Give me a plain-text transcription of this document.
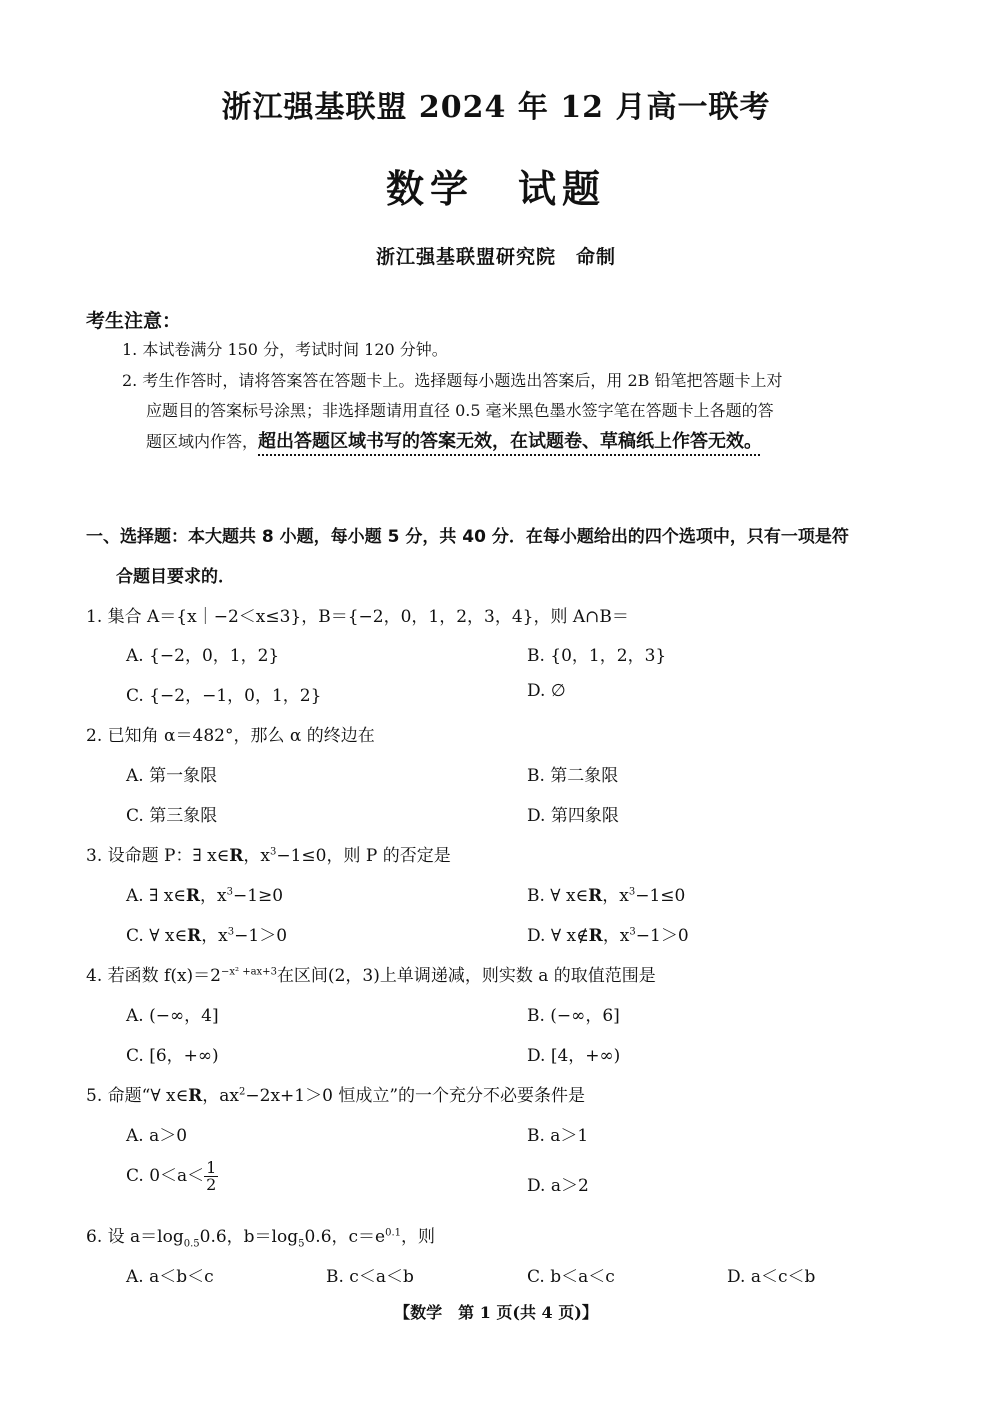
浙江强基联盟 2024 年 12 月高一联考
数学　试题
浙江强基联盟研究院　命制
考生注意：
1. 本试卷满分 150 分，考试时间 120 分钟。
2. 考生作答时，请将答案答在答题卡上。选择题每小题选出答案后，用 2B 铅笔把答题卡上对
应题目的答案标号涂黑；非选择题请用直径 0.5 毫米黑色墨水签字笔在答题卡上各题的答
题区域内作答，超出答题区域书写的答案无效，在试题卷、草稿纸上作答无效。
一、选择题：本大题共 8 小题，每小题 5 分，共 40 分．在每小题给出的四个选项中，只有一项是符
合题目要求的．
1. 集合 A＝{x｜−2＜x≤3}，B＝{−2，0，1，2，3，4}，则 A∩B＝
A. {−2，0，1，2}	B. {0，1，2，3}
C. {−2，−1，0，1，2}	D. ∅
2. 已知角 α＝482°，那么 α 的终边在
A. 第一象限	B. 第二象限
C. 第三象限	D. 第四象限
3. 设命题 P：∃ x∈R，$x^3-1\le 0$，则 P 的否定是
A. ∃ x∈R，$x^3-1\ge 0$	B. ∀ x∈R，$x^3-1\le 0$
C. ∀ x∈R，$x^3-1>0$	D. ∀ x∉R，$x^3-1>0$
4. 若函数 $f(x)=2^{-x^2 +ax+3}$在区间(2，3)上单调递减，则实数 a 的取值范围是
A. (−∞，4]	B. (−∞，6]
C. [6，+∞)	D. [4，+∞)
5. 命题“∀ x∈R，$ax^2-2x+1>0$ 恒成立”的一个充分不必要条件是
A. a＞0	B. a＞1
C. $0<a< \frac{1}{2}$	D. a＞2
6. 设 $a=\log_{0.5}0.6$，$b=\log_50.6$，$c=e^{0.1}$，则
A. a＜b＜c	B. c＜a＜b	C. b＜a＜c	D. a＜c＜b
【数学　第 1 页(共 4 页)】
